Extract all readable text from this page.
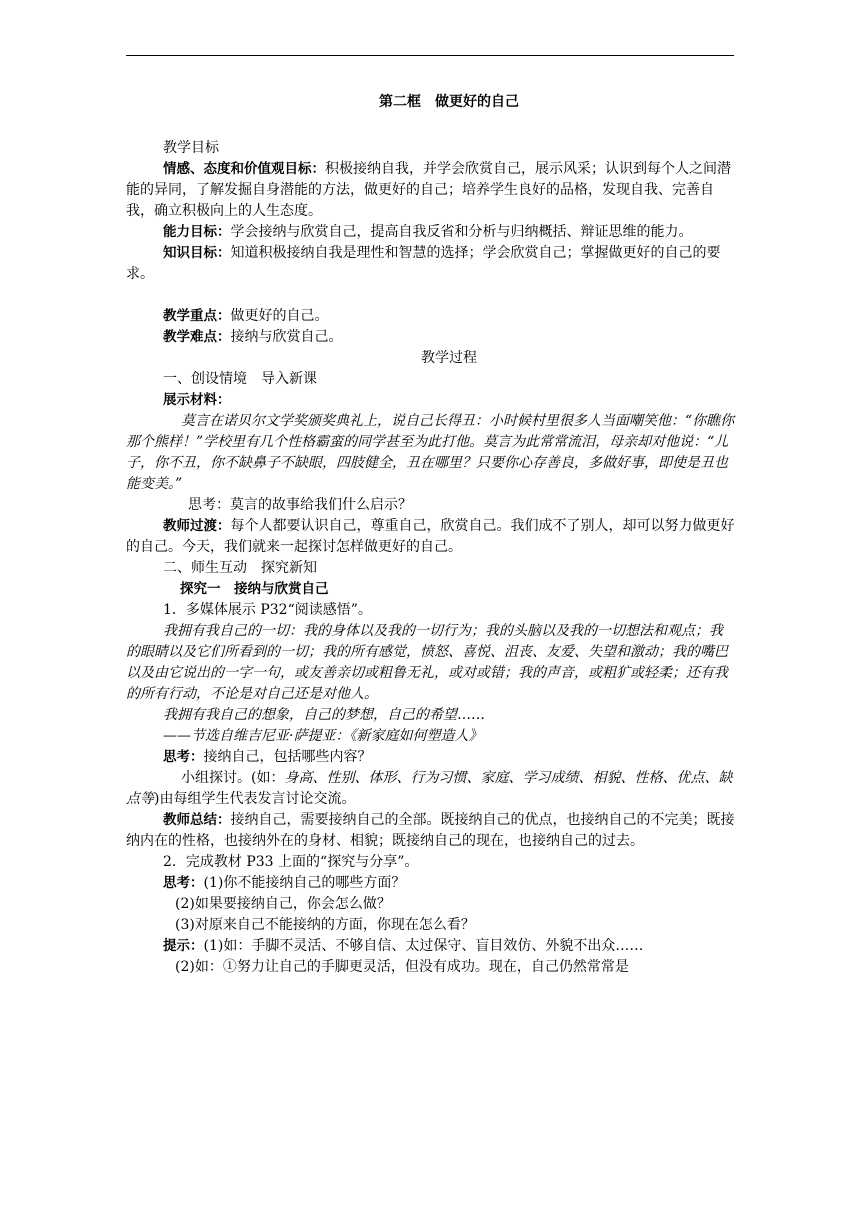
第二框　做更好的自己

教学目标

情感、态度和价值观目标：积极接纳自我，并学会欣赏自己，展示风采；认识到每个人之间潜能的异同，了解发掘自身潜能的方法，做更好的自己；培养学生良好的品格，发现自我、完善自我，确立积极向上的人生态度。

能力目标：学会接纳与欣赏自己，提高自我反省和分析与归纳概括、辩证思维的能力。

知识目标：知道积极接纳自我是理性和智慧的选择；学会欣赏自己；掌握做更好的自己的要求。

教学重点：做更好的自己。

教学难点：接纳与欣赏自己。

教学过程

一、创设情境　导入新课

展示材料：

莫言在诺贝尔文学奖颁奖典礼上，说自己长得丑：小时候村里很多人当面嘲笑他：“你瞧你那个熊样！”学校里有几个性格霸蛮的同学甚至为此打他。莫言为此常常流泪，母亲却对他说：“儿子，你不丑，你不缺鼻子不缺眼，四肢健全，丑在哪里？只要你心存善良，多做好事，即使是丑也能变美。”

思考：莫言的故事给我们什么启示？

教师过渡：每个人都要认识自己，尊重自己，欣赏自己。我们成不了别人，却可以努力做更好的自己。今天，我们就来一起探讨怎样做更好的自己。

二、师生互动　探究新知

探究一　接纳与欣赏自己

1．多媒体展示 P32“阅读感悟”。

我拥有我自己的一切：我的身体以及我的一切行为；我的头脑以及我的一切想法和观点；我的眼睛以及它们所看到的一切；我的所有感觉，愤怒、喜悦、沮丧、友爱、失望和激动；我的嘴巴以及由它说出的一字一句，或友善亲切或粗鲁无礼，或对或错；我的声音，或粗犷或轻柔；还有我的所有行动，不论是对自己还是对他人。

我拥有我自己的想象，自己的梦想，自己的希望……

——节选自维吉尼亚·萨提亚：《新家庭如何塑造人》

思考：接纳自己，包括哪些内容？

小组探讨。(如：身高、性别、体形、行为习惯、家庭、学习成绩、相貌、性格、优点、缺点等)由每组学生代表发言讨论交流。

教师总结：接纳自己，需要接纳自己的全部。既接纳自己的优点，也接纳自己的不完美；既接纳内在的性格，也接纳外在的身材、相貌；既接纳自己的现在，也接纳自己的过去。

2．完成教材 P33 上面的“探究与分享”。

思考：(1)你不能接纳自己的哪些方面？

(2)如果要接纳自己，你会怎么做？

(3)对原来自己不能接纳的方面，你现在怎么看？

提示：(1)如：手脚不灵活、不够自信、太过保守、盲目效仿、外貌不出众……

(2)如：①努力让自己的手脚更灵活，但没有成功。现在，自己仍然常常是
